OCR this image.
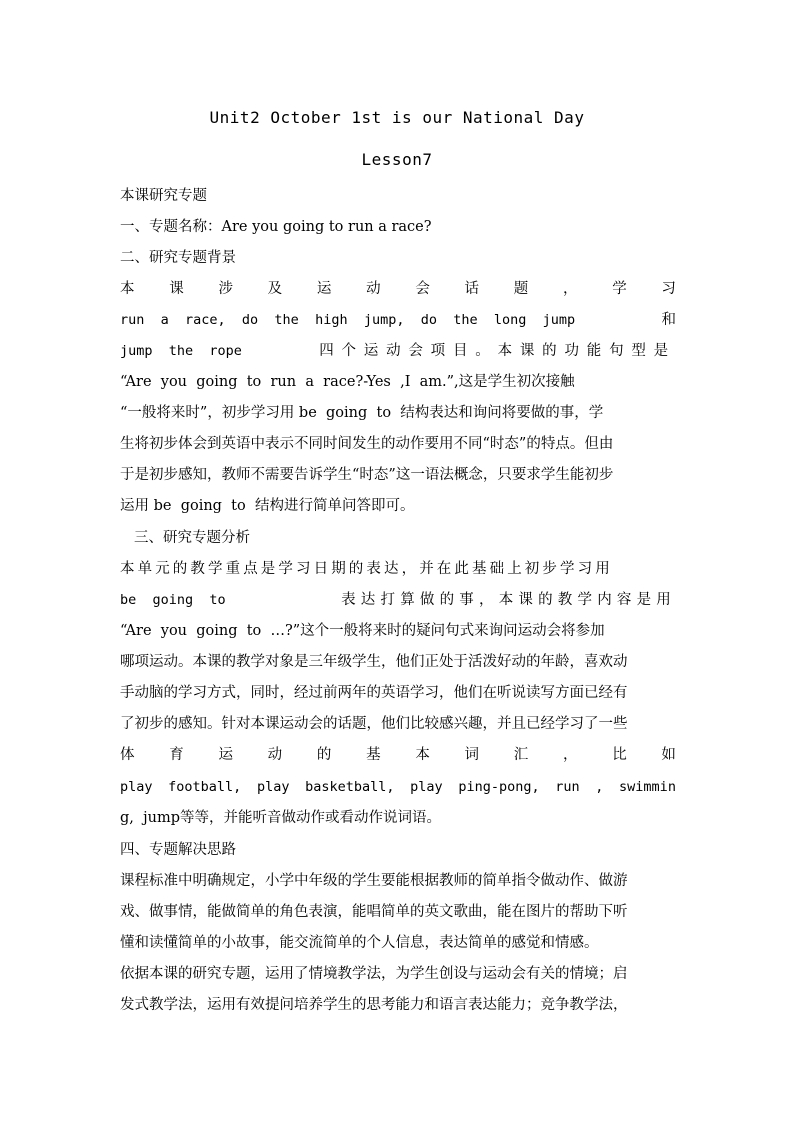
Unit2 October 1st is our National Day
Lesson7
本课研究专题
一、专题名称：Are you going to run a race?
二、研究专题背景
本 课 涉 及 运 动 会 话 题 ， 学 习
run  a  race,  do  the  high  jump,  do  the  long  jump	和
jump  the  rope	四个运动会项目。本课的功能句型是
“Are  you  going  to  run  a  race?-Yes  ,I  am.”,这是学生初次接触
“一般将来时”，初步学习用 be  going  to  结构表达和询问将要做的事，学
生将初步体会到英语中表示不同时间发生的动作要用不同“时态”的特点。但由
于是初步感知，教师不需要告诉学生“时态”这一语法概念，只要求学生能初步
运用 be  going  to  结构进行简单问答即可。
三、研究专题分析
本单元的教学重点是学习日期的表达，并在此基础上初步学习用
be  going  to	表达打算做的事，本课的教学内容是用
“Are  you  going  to  …?”这个一般将来时的疑问句式来询问运动会将参加
哪项运动。本课的教学对象是三年级学生，他们正处于活泼好动的年龄，喜欢动
手动脑的学习方式，同时，经过前两年的英语学习，他们在听说读写方面已经有
了初步的感知。针对本课运动会的话题，他们比较感兴趣，并且已经学习了一些
体 育 运 动 的 基 本 词 汇 ， 比 如
play football, play basketball, play ping-pong, run , swimmin
g,  jump等等，并能听音做动作或看动作说词语。
四、专题解决思路
课程标准中明确规定，小学中年级的学生要能根据教师的简单指令做动作、做游
戏、做事情，能做简单的角色表演，能唱简单的英文歌曲，能在图片的帮助下听
懂和读懂简单的小故事，能交流简单的个人信息，表达简单的感觉和情感。
依据本课的研究专题，运用了情境教学法，为学生创设与运动会有关的情境；启
发式教学法，运用有效提问培养学生的思考能力和语言表达能力；竞争教学法，
